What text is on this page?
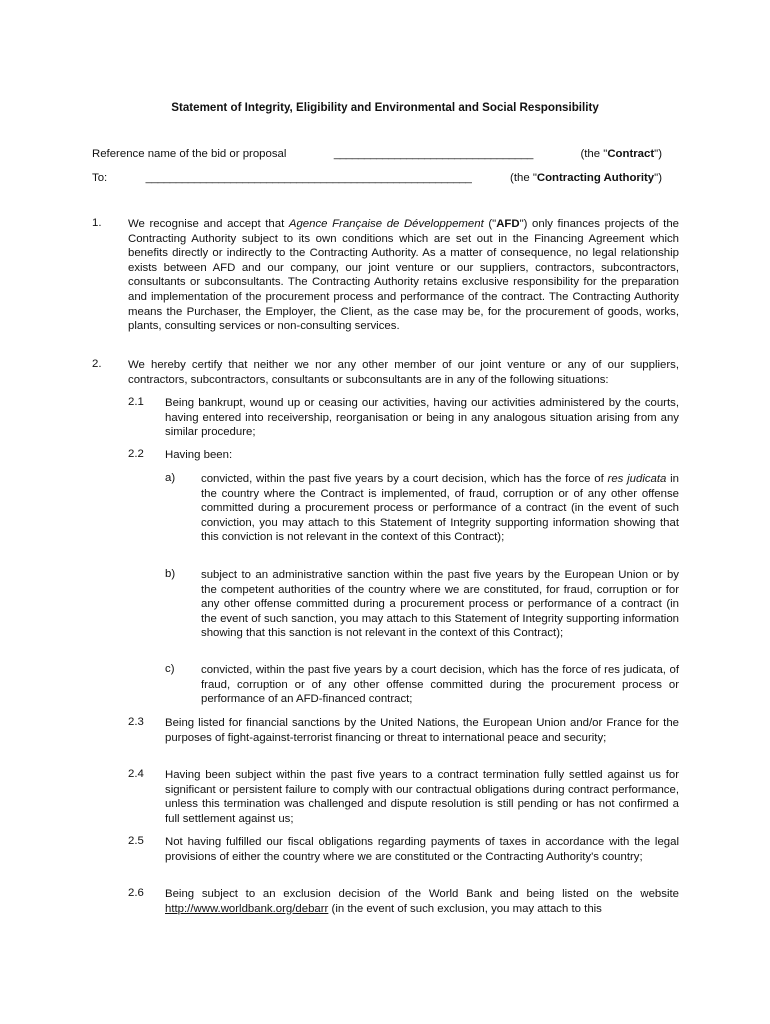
Statement of Integrity, Eligibility and Environmental and Social Responsibility
Reference name of the bid or proposal	_________________________________	(the "Contract")
To:	______________________________________________________	(the "Contracting Authority")
1. We recognise and accept that Agence Française de Développement ("AFD") only finances projects of the Contracting Authority subject to its own conditions which are set out in the Financing Agreement which benefits directly or indirectly to the Contracting Authority. As a matter of consequence, no legal relationship exists between AFD and our company, our joint venture or our suppliers, contractors, subcontractors, consultants or subconsultants. The Contracting Authority retains exclusive responsibility for the preparation and implementation of the procurement process and performance of the contract. The Contracting Authority means the Purchaser, the Employer, the Client, as the case may be, for the procurement of goods, works, plants, consulting services or non-consulting services.
2. We hereby certify that neither we nor any other member of our joint venture or any of our suppliers, contractors, subcontractors, consultants or subconsultants are in any of the following situations:
2.1 Being bankrupt, wound up or ceasing our activities, having our activities administered by the courts, having entered into receivership, reorganisation or being in any analogous situation arising from any similar procedure;
2.2 Having been:
a) convicted, within the past five years by a court decision, which has the force of res judicata in the country where the Contract is implemented, of fraud, corruption or of any other offense committed during a procurement process or performance of a contract (in the event of such conviction, you may attach to this Statement of Integrity supporting information showing that this conviction is not relevant in the context of this Contract);
b) subject to an administrative sanction within the past five years by the European Union or by the competent authorities of the country where we are constituted, for fraud, corruption or for any other offense committed during a procurement process or performance of a contract (in the event of such sanction, you may attach to this Statement of Integrity supporting information showing that this sanction is not relevant in the context of this Contract);
c) convicted, within the past five years by a court decision, which has the force of res judicata, of fraud, corruption or of any other offense committed during the procurement process or performance of an AFD-financed contract;
2.3 Being listed for financial sanctions by the United Nations, the European Union and/or France for the purposes of fight-against-terrorist financing or threat to international peace and security;
2.4 Having been subject within the past five years to a contract termination fully settled against us for significant or persistent failure to comply with our contractual obligations during contract performance, unless this termination was challenged and dispute resolution is still pending or has not confirmed a full settlement against us;
2.5 Not having fulfilled our fiscal obligations regarding payments of taxes in accordance with the legal provisions of either the country where we are constituted or the Contracting Authority's country;
2.6 Being subject to an exclusion decision of the World Bank and being listed on the website http://www.worldbank.org/debarr (in the event of such exclusion, you may attach to this
